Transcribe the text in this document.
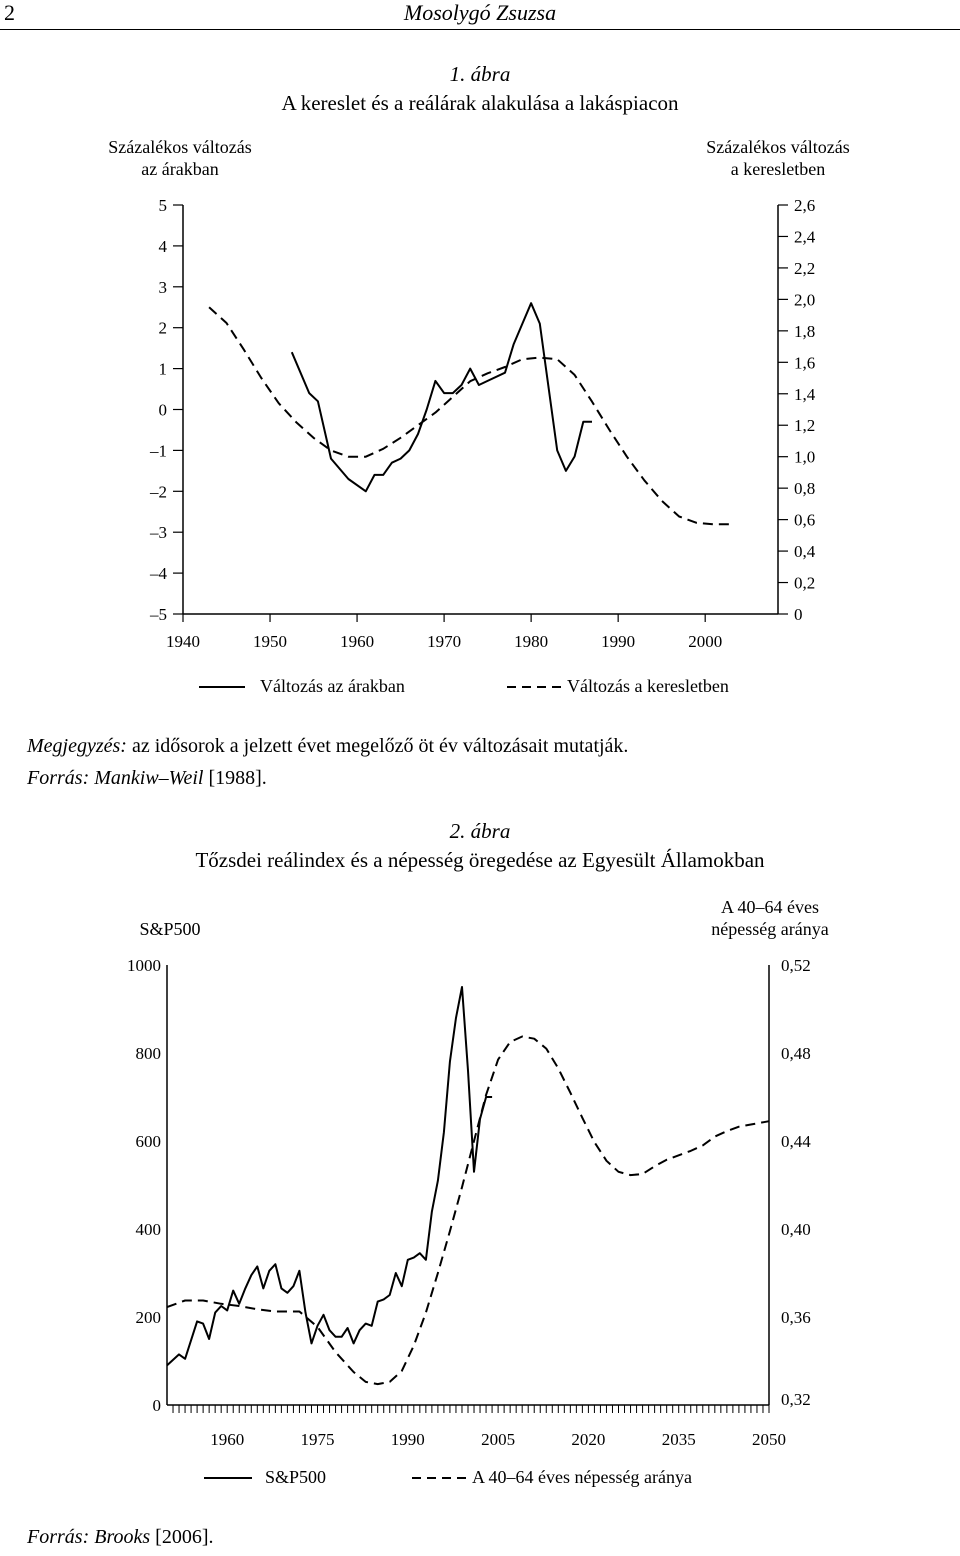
2	Mosolygó Zsuzsa
1. ábra
A kereslet és a reálárak alakulása a lakáspiacon
Százalékos változás
az árakban
Százalékos változás
a keresletben
5
4
3
2
1
0
–1
–2
–3
–4
–5
2,6
2,4
2,2
2,0
1,8
1,6
1,4
1,2
1,0
0,8
0,6
0,4
0,2
0
1940	1950	1960	1970	1980	1990	2000
Változás az árakban	Változás a keresletben
Megjegyzés: az idősorok a jelzett évet megelőző öt év változásait mutatják.
Forrás: Mankiw–Weil [1988].
2. ábra
Tőzsdei reálindex és a népesség öregedése az Egyesült Államokban
S&P500
A 40–64 éves
népesség aránya
1000
800
600
400
200
0
0,52
0,48
0,44
0,40
0,36
0,32
1960	1975	1990	2005	2020	2035	2050
S&P500	A 40–64 éves népesség aránya
Forrás: Brooks [2006].
